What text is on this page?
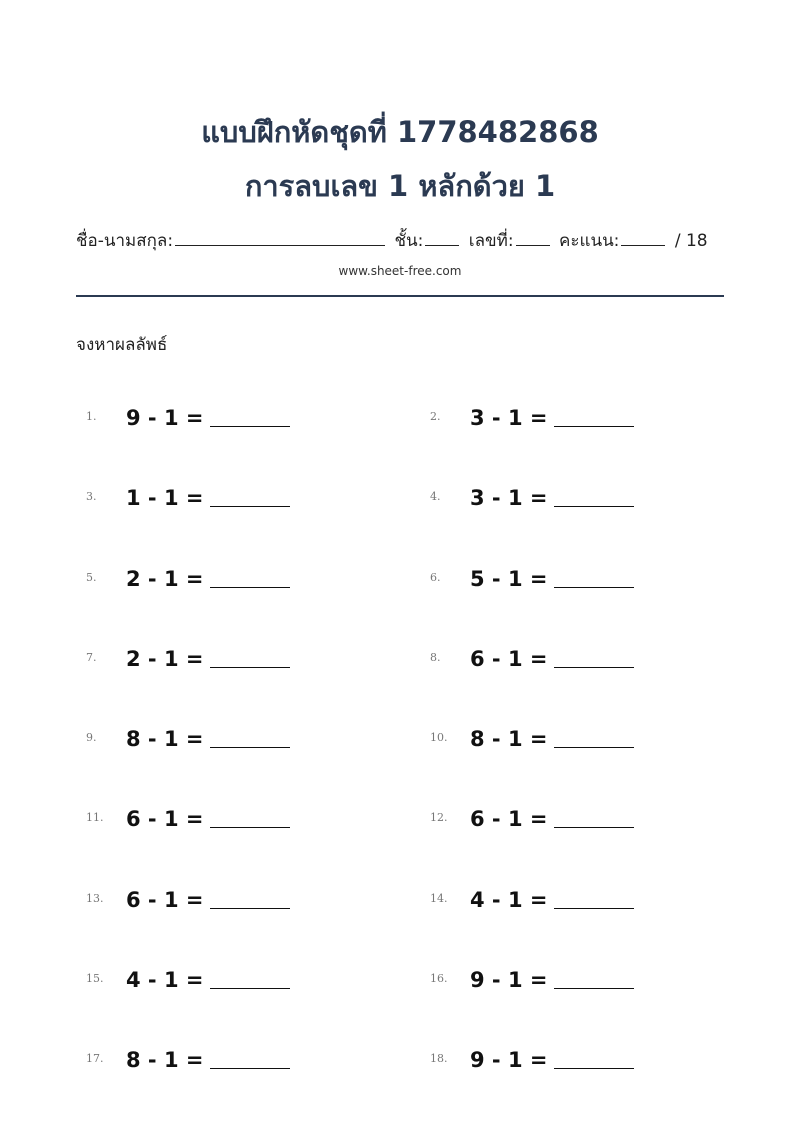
แบบฝึกหัดชุดที่ 1778482868
การลบเลข 1 หลักด้วย 1
ชื่อ-นามสกุล:	ชั้น:	เลขที่:	คะแนน:	/ 18
www.sheet-free.com
จงหาผลลัพธ์
1. 9 - 1 =	2. 3 - 1 =
3. 1 - 1 =	4. 3 - 1 =
5. 2 - 1 =	6. 5 - 1 =
7. 2 - 1 =	8. 6 - 1 =
9. 8 - 1 =	10. 8 - 1 =
11. 6 - 1 =	12. 6 - 1 =
13. 6 - 1 =	14. 4 - 1 =
15. 4 - 1 =	16. 9 - 1 =
17. 8 - 1 =	18. 9 - 1 =
